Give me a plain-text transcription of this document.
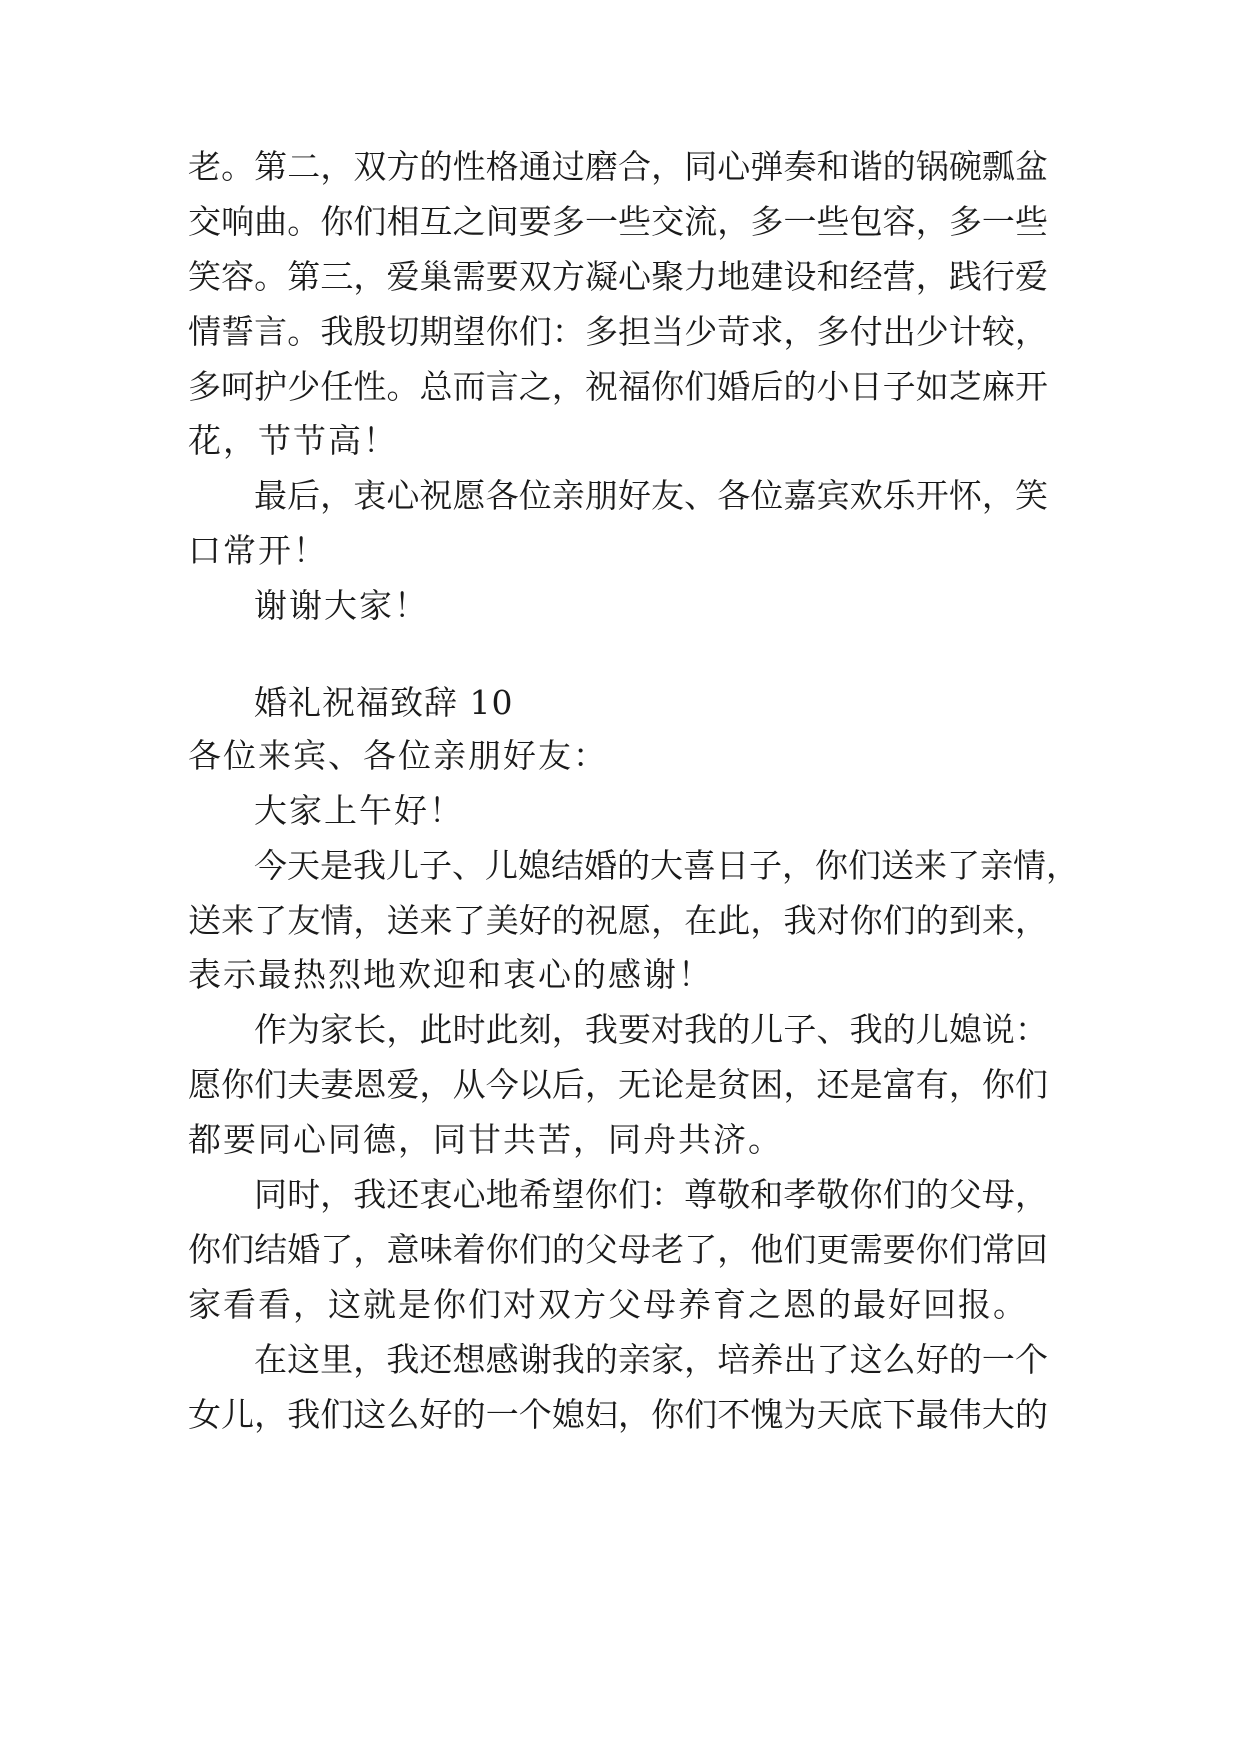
老。第二，双方的性格通过磨合，同心弹奏和谐的锅碗瓢盆
交响曲。你们相互之间要多一些交流，多一些包容，多一些
笑容。第三，爱巢需要双方凝心聚力地建设和经营，践行爱
情誓言。我殷切期望你们：多担当少苛求，多付出少计较，
多呵护少任性。总而言之，祝福你们婚后的小日子如芝麻开
花，节节高！
最后，衷心祝愿各位亲朋好友、各位嘉宾欢乐开怀，笑
口常开！
谢谢大家！
婚礼祝福致辞 10
各位来宾、各位亲朋好友：
大家上午好！
今天是我儿子、儿媳结婚的大喜日子，你们送来了亲情，
送来了友情，送来了美好的祝愿，在此，我对你们的到来，
表示最热烈地欢迎和衷心的感谢！
作为家长，此时此刻，我要对我的儿子、我的儿媳说：
愿你们夫妻恩爱，从今以后，无论是贫困，还是富有，你们
都要同心同德，同甘共苦，同舟共济。
同时，我还衷心地希望你们：尊敬和孝敬你们的父母，
你们结婚了，意味着你们的父母老了，他们更需要你们常回
家看看，这就是你们对双方父母养育之恩的最好回报。
在这里，我还想感谢我的亲家，培养出了这么好的一个
女儿，我们这么好的一个媳妇，你们不愧为天底下最伟大的
